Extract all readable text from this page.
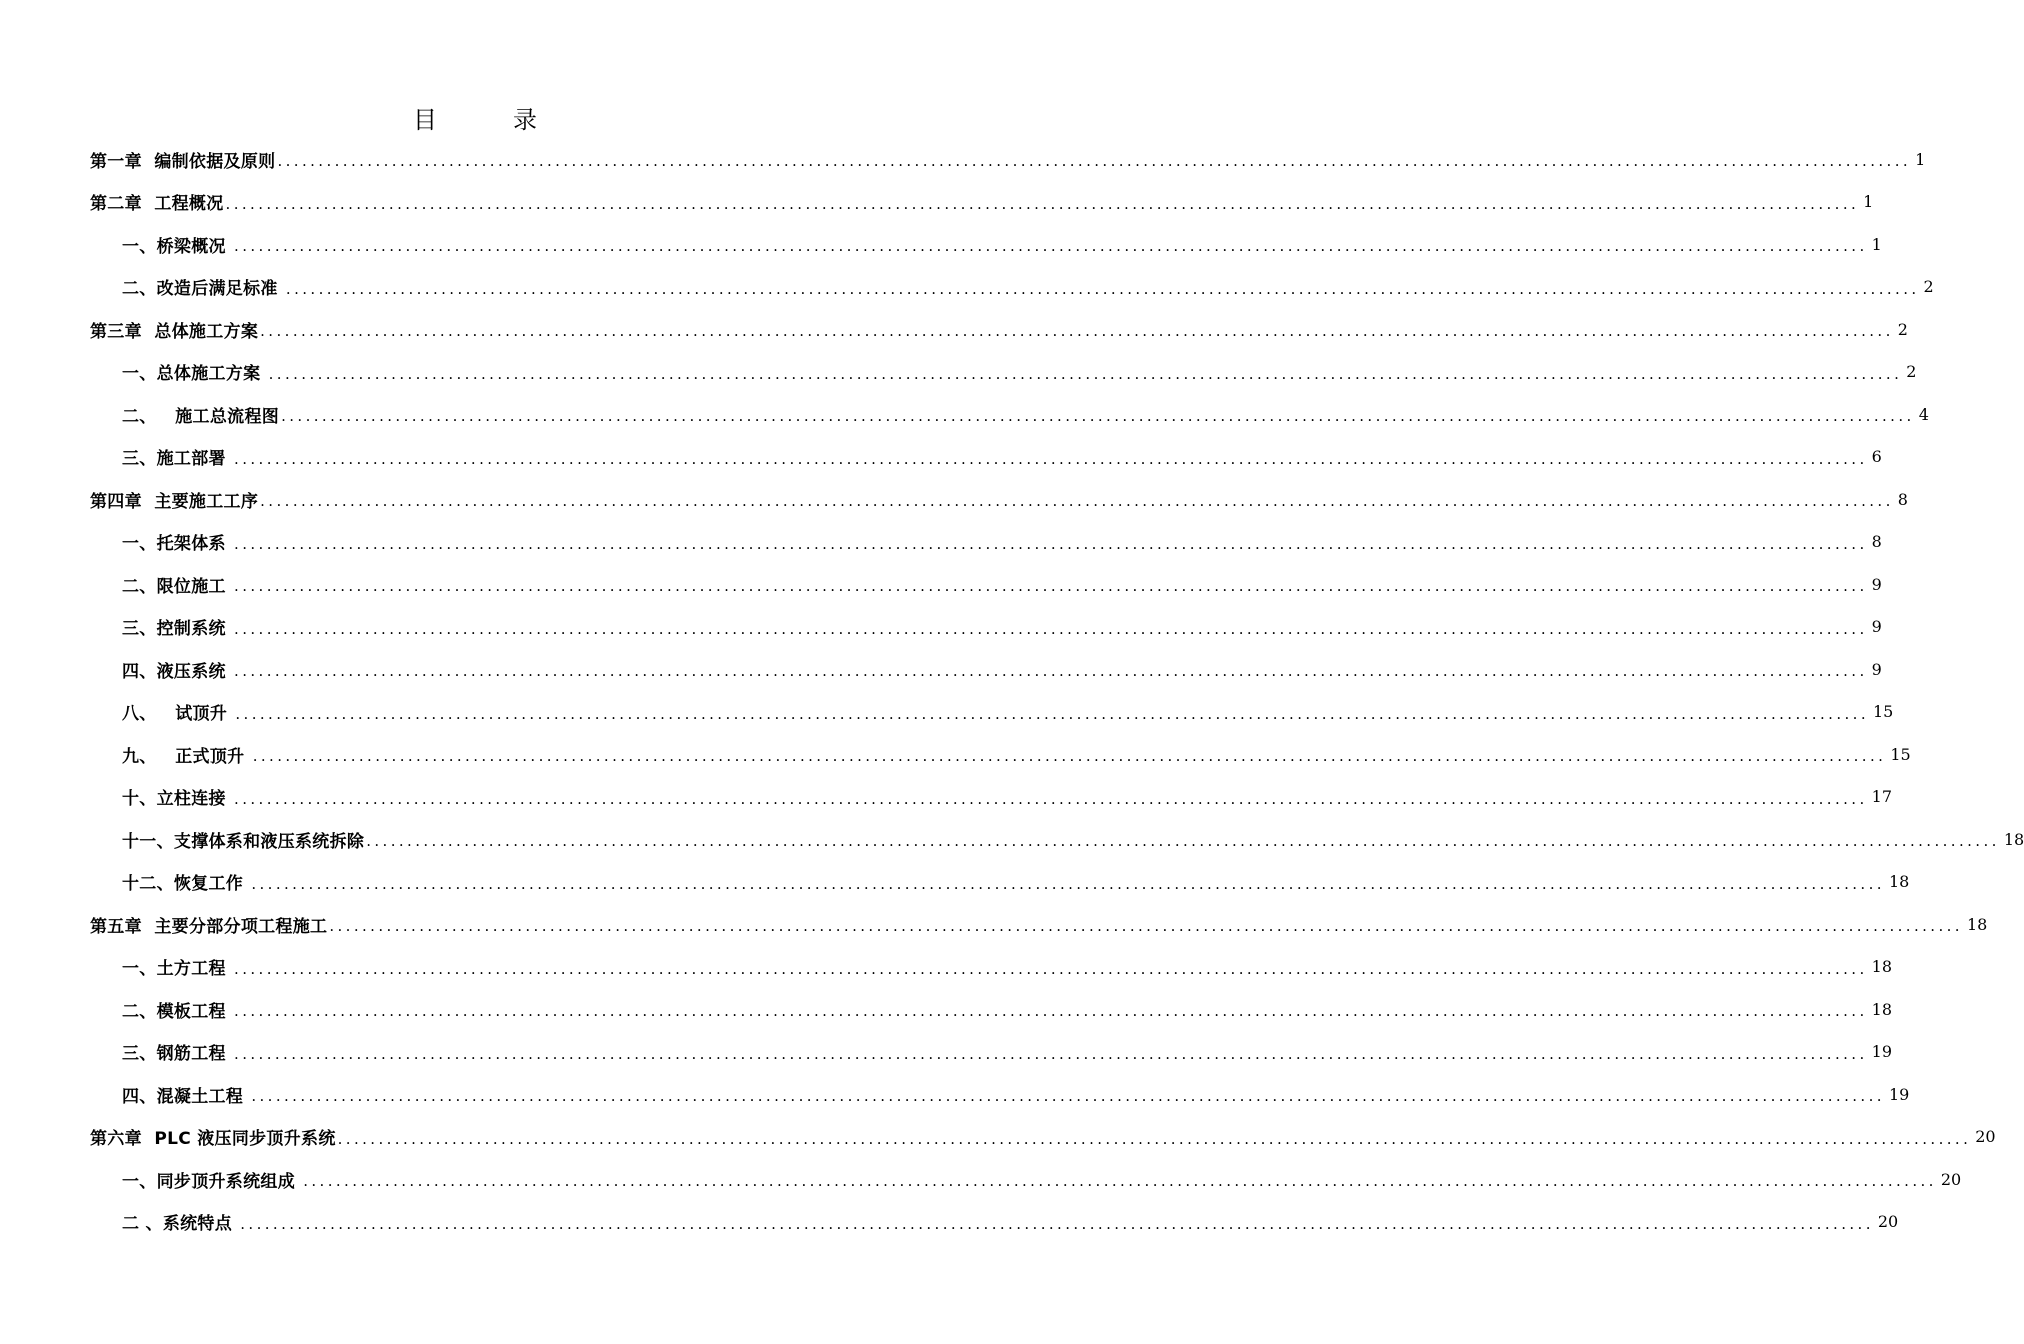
目　录
第一章  编制依据及原则 ........................................................................................................................................................................................................ 1
第二章  工程概况 ........................................................................................................................................................................................................ 1
一、桥梁概况 ........................................................................................................................................................................................................ 1
二、改造后满足标准 ........................................................................................................................................................................................................ 2
第三章  总体施工方案 ........................................................................................................................................................................................................ 2
一、总体施工方案 ........................................................................................................................................................................................................ 2
二、   施工总流程图 ........................................................................................................................................................................................................ 4
三、施工部署 ........................................................................................................................................................................................................ 6
第四章  主要施工工序 ........................................................................................................................................................................................................ 8
一、托架体系 ........................................................................................................................................................................................................ 8
二、限位施工 ........................................................................................................................................................................................................ 9
三、控制系统 ........................................................................................................................................................................................................ 9
四、液压系统 ........................................................................................................................................................................................................ 9
八、   试顶升 ........................................................................................................................................................................................................ 15
九、   正式顶升 ........................................................................................................................................................................................................ 15
十、立柱连接 ........................................................................................................................................................................................................ 17
十一、支撑体系和液压系统拆除 ........................................................................................................................................................................................................ 18
十二、恢复工作 ........................................................................................................................................................................................................ 18
第五章  主要分部分项工程施工 ........................................................................................................................................................................................................ 18
一、土方工程 ........................................................................................................................................................................................................ 18
二、模板工程 ........................................................................................................................................................................................................ 18
三、钢筋工程 ........................................................................................................................................................................................................ 19
四、混凝土工程 ........................................................................................................................................................................................................ 19
第六章  PLC 液压同步顶升系统 ........................................................................................................................................................................................................ 20
一、同步顶升系统组成 ........................................................................................................................................................................................................ 20
二 、系统特点 ........................................................................................................................................................................................................ 20
